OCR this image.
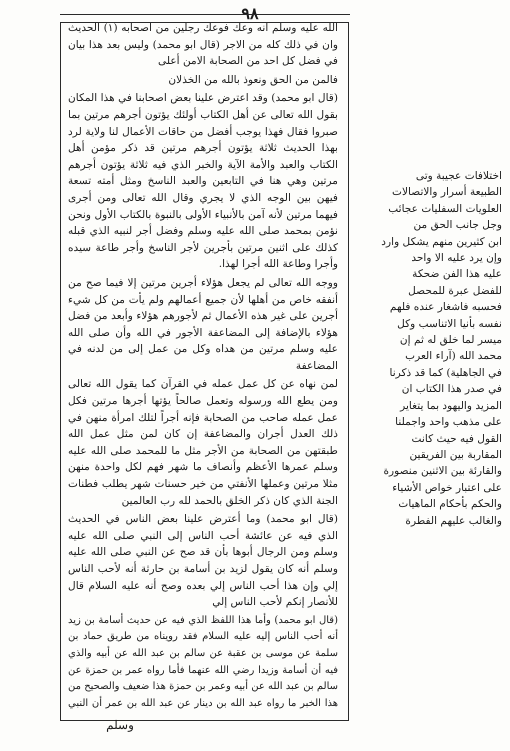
٩٨

الله عليه وسلم انه وعك فوعك رجلين من اصحابه (١) الحديث وان في ذلك كله من الاجر (قال ابو محمد) وليس بعد هذا بيان في فضل كل احد من الصحابة الامن أعلى

فالمن من الحق ونعوذ بالله من الخذلان

(قال ابو محمد) وقد اعترض علينا بعض اصحابنا في هذا المكان بقول الله تعالى عن أهل الكتاب أولئك يؤتون أجرهم مرتين بما صبروا فقال فهذا يوجب أفضل من حاقات الأعمال لنا ولاية لرد بهذا الحديث ثلاثة يؤتون أجرهم مرتين قد ذكر مؤمن أهل الكتاب والعبد والأمة الآية والخبر الذي فيه ثلاثة يؤتون أجرهم مرتين وهي هنا في التابعين والعبد الناسخ ومثل أمته تسعة فيهن بين الوجه الذي لا يجري وقال الله تعالى ومن أجرى فيهما مرتين لأنه آمن بالأنبياء الأولى بالنبوة بالكتاب الأول ونحن نؤمن بمحمد صلى الله عليه وسلم وفضل أجر لنبيه الذي قبله كذلك على اثنين مرتين بأجرين لأجر الناسخ وأجر طاعة سيده وأجرا وطاعة الله أجرا لهذا.

ووجه الله تعالى لم يجعل هؤلاء أجرين مرتين إلا فيما صح من أنفقه خاص من أهلها لأن جميع أعمالهم ولم يأت من كل شيء أجرين على غير هذه الأعمال ثم لأجورهم هؤلاء وأبعد من فضل هؤلاء بالإضافة إلى المضاعفة الأجور في الله وأن صلى الله عليه وسلم مرتين من هداه وكل من عمل إلى من لدنه في المضاعفة

لمن نهاه عن كل عمل عمله في القرآن كما يقول الله تعالى ومن يطع الله ورسوله وتعمل صالحاً يؤتها أجرها مرتين فكل عمل عمله صاحب من الصحابة فإنه أجراً لتلك امرأة منهن في ذلك العدل أجران والمضاعفة إن كان لمن مثل عمل الله طبقتهن من الصحابة من الأجر مثل ما للمحمد صلى الله عليه وسلم عمرها الأعظم وأنصاف ما شهر فهم لكل واحدة منهن مثلا مرتين وعملها الأنفتي من خير حسنات شهر يطلب فطنات الجنة الذي كان ذكر الخلق بالحمد لله رب العالمين

(قال ابو محمد) وما أعترض علينا بعض الناس في الحديث الذي فيه عن عائشة أحب الناس إلى النبي صلى الله عليه وسلم ومن الرجال أبوها بأن قد صح عن النبي صلى الله عليه وسلم أنه كان يقول لزيد بن أسامة بن حارثة أنه لأحب الناس إلي وإن هذا أحب الناس إلي بعده وصح أنه عليه السلام قال للأنصار إنكم لأحب الناس إلي

(قال ابو محمد) وأما هذا اللفظ الذي فيه عن حديث أسامة بن زيد أنه أحب الناس إليه عليه السلام فقد رويناه من طريق حماد بن سلمة عن موسى بن عقبة عن سالم بن عبد الله عن أبيه والذي فيه أن أسامة وزيدا رضي الله عنهما فأما رواه عمر بن حمزة عن سالم بن عبد الله عن أبيه وعمر بن حمزة هذا ضعيف والصحيح من هذا الخبر ما رواه عبد الله بن دينار عن عبد الله بن عمر أن النبي

اختلافات عجيبة وتى

الطبيعة أسرار والاتصالات

العلويات السفليات عجائب

وجل جانب الحق من

ابن كثيرين منهم يشكل وارد

وإن يرد عليه الا واحد

عليه هذا الفن ضحكة

للفضل عبرة للمحصل

فحسبه فاشغار عنده فلهم

نفسه بأنيا الاتناسب وكل

ميسر لما خلق له ثم إن

محمد الله (آراء العرب

في الجاهلية) كما قد ذكرنا

في صدر هذا الكتاب ان

المزيد واليهود بما يتغاير

على مذهب واحد واجملنا

القول فيه حيث كانت

المقاربة بين الفريقين

والقارئة بين الاثنين منصورة

على اعتبار خواص الأشياء

والحكم بأحكام الماهيات

والغالب عليهم الفطرة

وسلم
